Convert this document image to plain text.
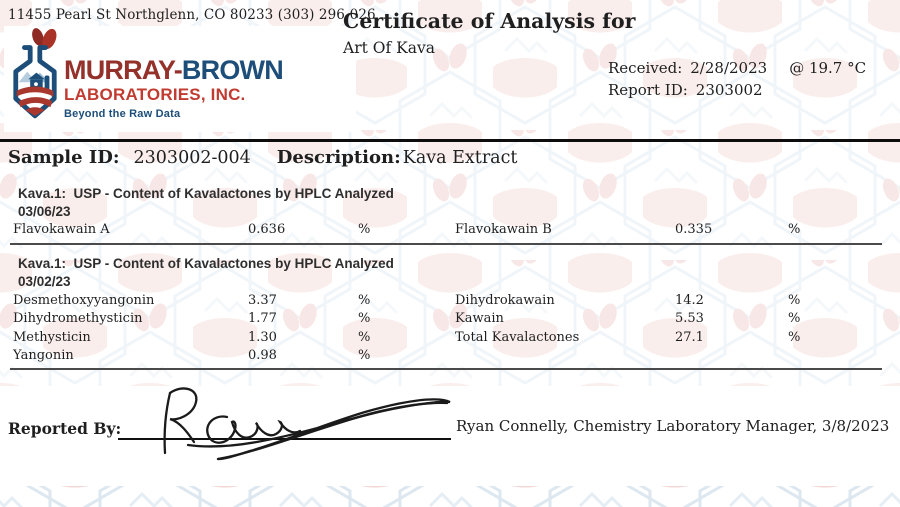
11455 Pearl St Northglenn, CO 80233 (303) 296-026
MURRAY-BROWN
LABORATORIES, INC.
Beyond the Raw Data
Certificate of Analysis for
Art Of Kava
Received: 2/28/2023 @ 19.7 °C
Report ID: 2303002
Sample ID: 2303002-004 Description: Kava Extract
Kava.1:  USP - Content of Kavalactones by HPLC Analyzed
03/06/23
Flavokawain A	0.636	%	Flavokawain B	0.335	%
Kava.1:  USP - Content of Kavalactones by HPLC Analyzed
03/02/23
Desmethoxyyangonin	3.37	%	Dihydrokawain	14.2	%
Dihydromethysticin	1.77	%	Kawain	5.53	%
Methysticin	1.30	%	Total Kavalactones	27.1	%
Yangonin	0.98	%
Reported By:	Ryan Connelly, Chemistry Laboratory Manager, 3/8/2023
